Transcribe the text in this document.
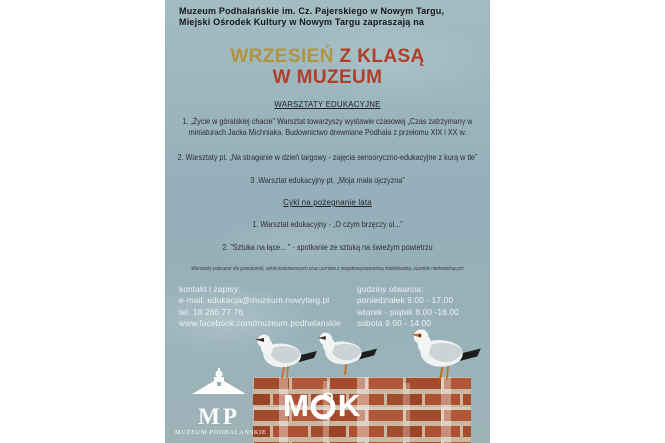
Muzeum Podhalańskie im. Cz. Pajerskiego w Nowym Targu,
Miejski Ośrodek Kultury w Nowym Targu zapraszają na
WRZESIEŃ Z KLASĄ
W MUZEUM
WARSZTATY EDUKACYJNE
1. „Życie w góralskiej chacie” Warsztat towarzyszy wystawie czasowej „Czas zatrzymany w miniaturach Jacka Michniaka. Budownictwo drewniane Podhala z przełomu XIX i XX w.
2. Warsztaty pt. „Na straganie w dzień targowy - zajęcia sensoryczno-edukacyjne z kurą w tle”
3 .Warsztat edukacyjny pt. „Moja mała ojczyzna”
Cykl na pożegnanie lata
1. Warsztat edukacyjny - „O czym brzęczy ul...”
2. ”Sztuka na łące... ” - spotkanie ze sztuką na świeżym powietrzu
Warsztaty polecane dla przedszkoli, szkół podstawowych oraz uczniów z niepełnosprawnością intelektualną, uczniów niedowidzących
kontakt i zapisy:
e-mail: edukacja@muzeum.nowytarg.pl
tel. 18 266 77 76
www.facebook.com/muzeum.podhalanskie
godziny otwarcia:
poniedziałek 9.00 - 17.00
wtorek - piątek 8.00 -16.00
sobota 9.00 - 14.00
MP
MUZEUM PODHALAŃSKIE
M K
